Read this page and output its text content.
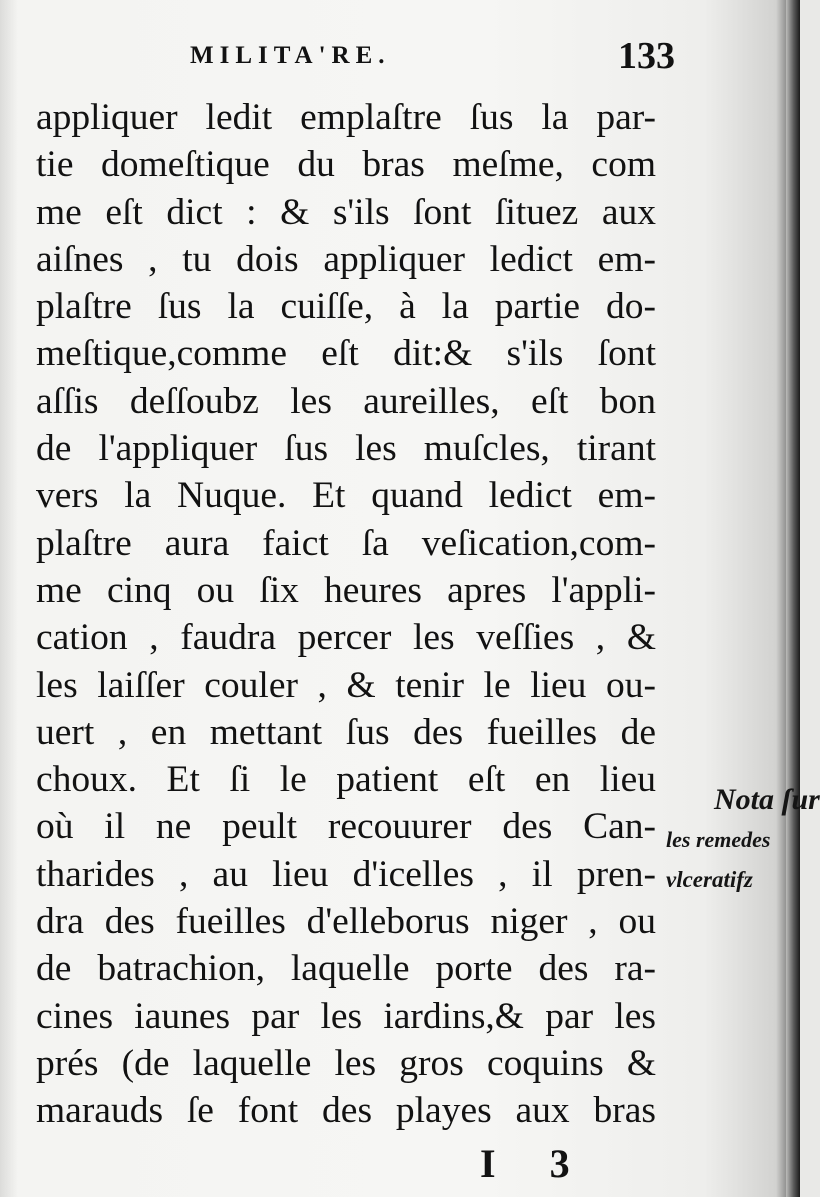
MILITA'RE.	133
appliquer ledit emplaſtre ſus la par-
tie domeſtique du bras meſme, com
me eſt dict : & s'ils ſont ſituez aux
aiſnes , tu dois appliquer ledict em-
plaſtre ſus la cuiſſe, à la partie do-
meſtique,comme eſt dit:& s'ils ſont
aſſis deſſoubz les aureilles, eſt bon
de l'appliquer ſus les muſcles, tirant
vers la Nuque. Et quand ledict em-
plaſtre aura faict ſa veſication,com-
me cinq ou ſix heures apres l'appli-
cation , faudra percer les veſſies , &
les laiſſer couler , & tenir le lieu ou-
uert , en mettant ſus des fueilles de
choux. Et ſi le patient eſt en lieu
où il ne peult recouurer des Can-
tharides , au lieu d'icelles , il pren-
dra des fueilles d'elleborus niger , ou
de batrachion, laquelle porte des ra-
cines iaunes par les iardins,& par les
prés (de laquelle les gros coquins &
marauds ſe font des playes aux bras
Nota ſur
les remedes
vlceratifz
I 3
